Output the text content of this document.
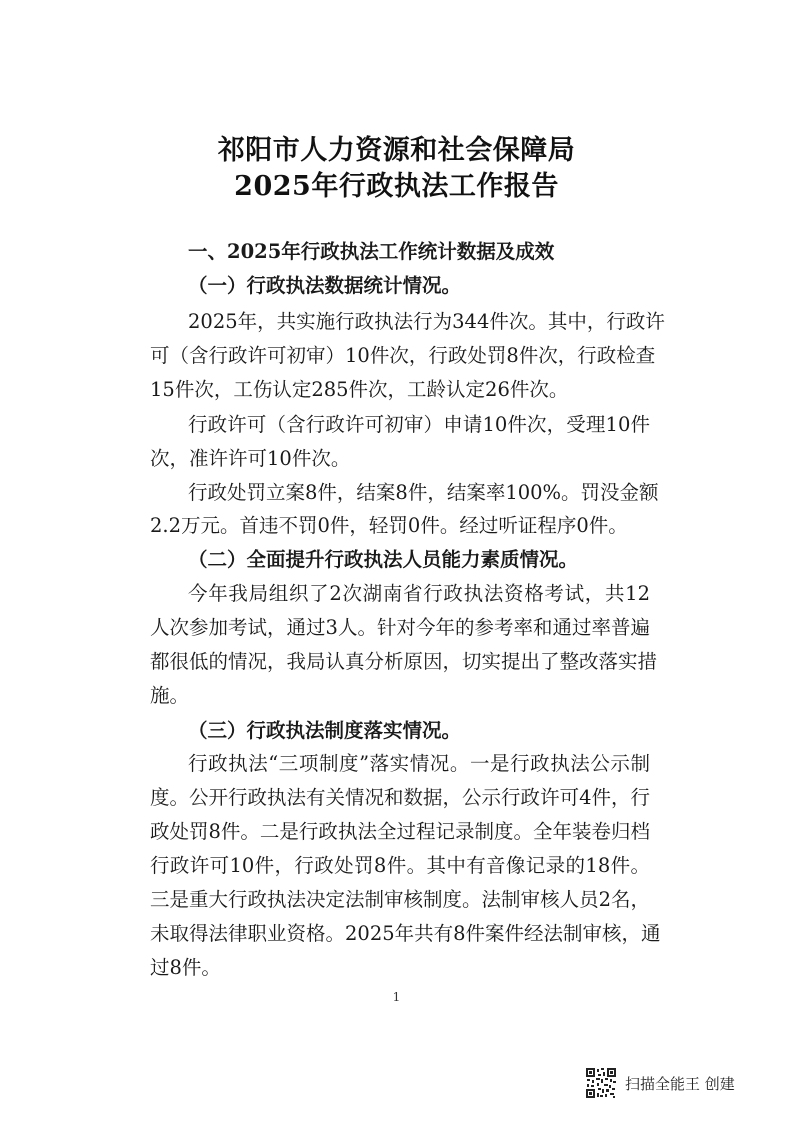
祁阳市人力资源和社会保障局
2025年行政执法工作报告
一、2025年行政执法工作统计数据及成效
（一）行政执法数据统计情况。
2025年，共实施行政执法行为344件次。其中，行政许
可（含行政许可初审）10件次，行政处罚8件次，行政检查
15件次，工伤认定285件次，工龄认定26件次。
行政许可（含行政许可初审）申请10件次，受理10件
次，准许许可10件次。
行政处罚立案8件，结案8件，结案率100%。罚没金额
2.2万元。首违不罚0件，轻罚0件。经过听证程序0件。
（二）全面提升行政执法人员能力素质情况。
今年我局组织了2次湖南省行政执法资格考试，共12
人次参加考试，通过3人。针对今年的参考率和通过率普遍
都很低的情况，我局认真分析原因，切实提出了整改落实措
施。
（三）行政执法制度落实情况。
行政执法“三项制度”落实情况。一是行政执法公示制
度。公开行政执法有关情况和数据，公示行政许可4件，行
政处罚8件。二是行政执法全过程记录制度。全年装卷归档
行政许可10件，行政处罚8件。其中有音像记录的18件。
三是重大行政执法决定法制审核制度。法制审核人员2名，
未取得法律职业资格。2025年共有8件案件经法制审核，通
过8件。
1
扫描全能王 创建
